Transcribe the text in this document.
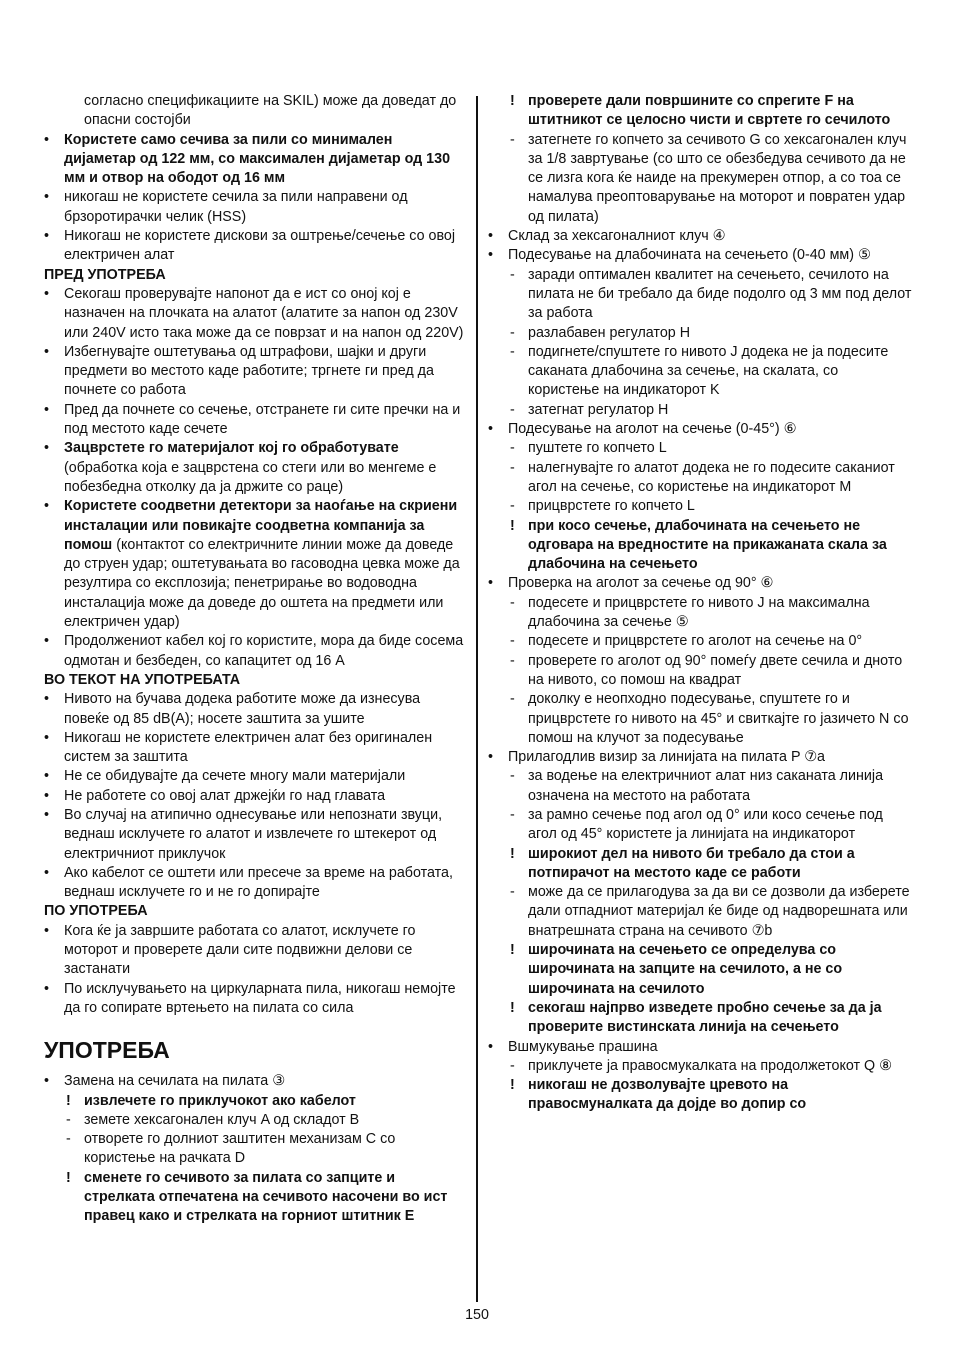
согласно спецификациите на SKIL) може да доведат до опасни состојби
• Користете само сечива за пили со минимален дијаметар од 122 мм, со максимален дијаметар од 130 мм и отвор на ободот од 16 мм
• никогаш не користете сечила за пили направени од брзоротирачки челик (HSS)
• Никогаш не користете дискови за оштрење/сечење со овој електричен алат
ПРЕД УПОТРЕБА
• Секогаш проверувајте напонот да е ист со оној кој е назначен на плочката на алатот (алатите за напон од 230V или 240V исто така може да се поврзат и на напон од 220V)
• Избегнувајте оштетувања од штрафови, шајки и други предмети во местото каде работите; тргнете ги пред да почнете со работа
• Пред да почнете со сечење, отстранете ги сите пречки на и под местото каде сечете
• Зацврстете го материјалот кој го обработувате (обработка која е зацврстена со стеги или во менгеме е побезбедна отколку да ја држите со раце)
• Користете соодветни детектори за наоѓање на скриени инсталации или повикајте соодветна компанија за помош (контактот со електричните линии може да доведе до струен удар; оштетувањата во гасоводна цевка може да резултира со експлозија; пенетрирање во водоводна инсталација може да доведе до оштета на предмети или електричен удар)
• Продолжениот кабел кој го користите, мора да биде сосема одмотан и безбеден, со капацитет од 16 A
ВО ТЕКОТ НА УПОТРЕБАТА
• Нивото на бучава додека работите може да изнесува повеќе од 85 dB(A); носете заштита за ушите
• Никогаш не користете електричен алат без оригиналeн систем за заштита
• Не се обидувајте да сечете многу мали материјали
• Не работете со овој алат држејќи го над главата
• Во случај на атипично однесување или непознати звуци, веднаш исклучете го алатот и извлечете го штекерот од електричниот приклучок
• Ако кабелот се оштети или пресече за време на работата, веднаш исклучете го и не го допирајте
ПО УПОТРЕБА
• Кога ќе ја завршите работата со алатот, исклучете го моторот и проверете дали сите подвижни делови се застанати
• По исклучувањето на циркуларната пила, никогаш немојте да го сопирате вртењето на пилата со сила
УПОТРЕБА
• Замена на сечилата на пилата ③
! извлечете го приклучокот ако кабелот
- земете хексагонален клуч A од складот B
- отворете го долниот заштитен механизам C со користење на рачката D
! сменете го сечивото за пилата со запците и стрелката отпечатена на сечивото насочени во ист правец како и стрелката на горниот штитник E
! проверете дали површините со спрегите F на штитникот се целосно чисти и свртете го сечилото
- затегнете го копчето за сечивото G со хексагонален клуч за 1/8 завртување (со што се обезбедува сечивото да не се лизга кога ќе наиде на прекумерен отпор, а со тоа се намалува преоптоварување на моторот и повратен удар од пилата)
• Склад за хексагоналниот клуч ④
• Подесување на длабочината на сечењето (0-40 мм) ⑤
- заради оптимален квалитет на сечењето, сечилото на пилата не би требало да биде подолго од 3 мм под делот за работа
- разлабавен регулатор H
- подигнете/спуштете го нивото J додека не ја подесите саканата длабочина за сечење, на скалата, со користење на индикаторот K
- затегнат регулатор H
• Подесување на аголот на сечење (0-45°) ⑥
- пуштете го копчето L
- налегнувајте го алатот додека не го подесите саканиот агол на сечење, со користење на индикаторот M
- прицврстете го копчето L
! при косо сечење, длабочината на сечењето не одговара на вредностите на прикажаната скала за длабочина на сечењето
• Проверка на аголот за сечење од 90° ⑥
- подесете и прицврстете го нивото J на максимална длабочина за сечење ⑤
- подесете и прицврстете го аголот на сечење на 0°
- проверете го аголот од 90° помеѓу двете сечила и дното на нивото, со помош на квадрат
- доколку е неопходно подесување, спуштете го и прицврстете го нивото на 45° и свиткајте го јазичето N со помош на клучот за подесување
• Прилагодлив визир за линијата на пилата P ⑦a
- за водење на електричниот алат низ саканата линија означена на местото на работата
- за рамно сечење под агол од 0° или косо сечење под агол од 45° користете ја линијата на индикаторот
! широкиот дел на нивото би требало да стои а потпирачот на местото каде се работи
- може да се прилагодува за да ви се дозволи да изберете дали отпадниот материјал ќе биде од надворешната или внатрешната страна на сечивото ⑦b
! широчината на сечењето се определува со широчината на запците на сечилото, а не со широчината на сечилото
! секогаш најпрво изведете пробно сечење за да ја проверите вистинската линија на сечењето
• Вшмукување прашина
- приклучете ја правосмукалката на продолжетокот Q ⑧
! никогаш не дозволувајте цревото на правосмуналката да дојде во допир со
150
